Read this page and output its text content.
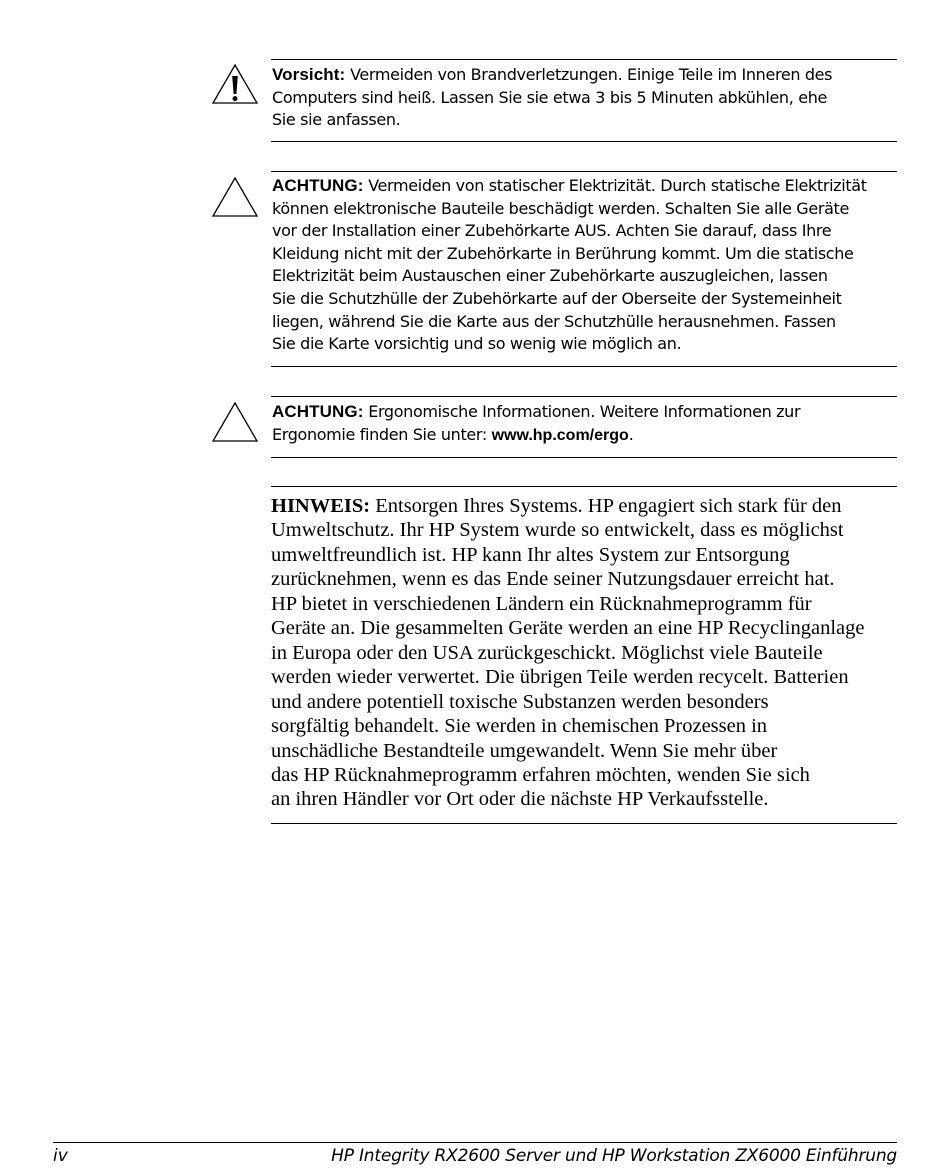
Vorsicht: Vermeiden von Brandverletzungen. Einige Teile im Inneren des
Computers sind heiß. Lassen Sie sie etwa 3 bis 5 Minuten abkühlen, ehe
Sie sie anfassen.

ACHTUNG: Vermeiden von statischer Elektrizität. Durch statische Elektrizität
können elektronische Bauteile beschädigt werden. Schalten Sie alle Geräte
vor der Installation einer Zubehörkarte AUS. Achten Sie darauf, dass Ihre
Kleidung nicht mit der Zubehörkarte in Berührung kommt. Um die statische
Elektrizität beim Austauschen einer Zubehörkarte auszugleichen, lassen
Sie die Schutzhülle der Zubehörkarte auf der Oberseite der Systemeinheit
liegen, während Sie die Karte aus der Schutzhülle herausnehmen. Fassen
Sie die Karte vorsichtig und so wenig wie möglich an.

ACHTUNG: Ergonomische Informationen. Weitere Informationen zur
Ergonomie finden Sie unter: www.hp.com/ergo.

HINWEIS: Entsorgen Ihres Systems. HP engagiert sich stark für den
Umweltschutz. Ihr HP System wurde so entwickelt, dass es möglichst
umweltfreundlich ist. HP kann Ihr altes System zur Entsorgung
zurücknehmen, wenn es das Ende seiner Nutzungsdauer erreicht hat.
HP bietet in verschiedenen Ländern ein Rücknahmeprogramm für
Geräte an. Die gesammelten Geräte werden an eine HP Recyclinganlage
in Europa oder den USA zurückgeschickt. Möglichst viele Bauteile
werden wieder verwertet. Die übrigen Teile werden recycelt. Batterien
und andere potentiell toxische Substanzen werden besonders
sorgfältig behandelt. Sie werden in chemischen Prozessen in
unschädliche Bestandteile umgewandelt. Wenn Sie mehr über
das HP Rücknahmeprogramm erfahren möchten, wenden Sie sich
an ihren Händler vor Ort oder die nächste HP Verkaufsstelle.

iv	HP Integrity RX2600 Server und HP Workstation ZX6000 Einführung
